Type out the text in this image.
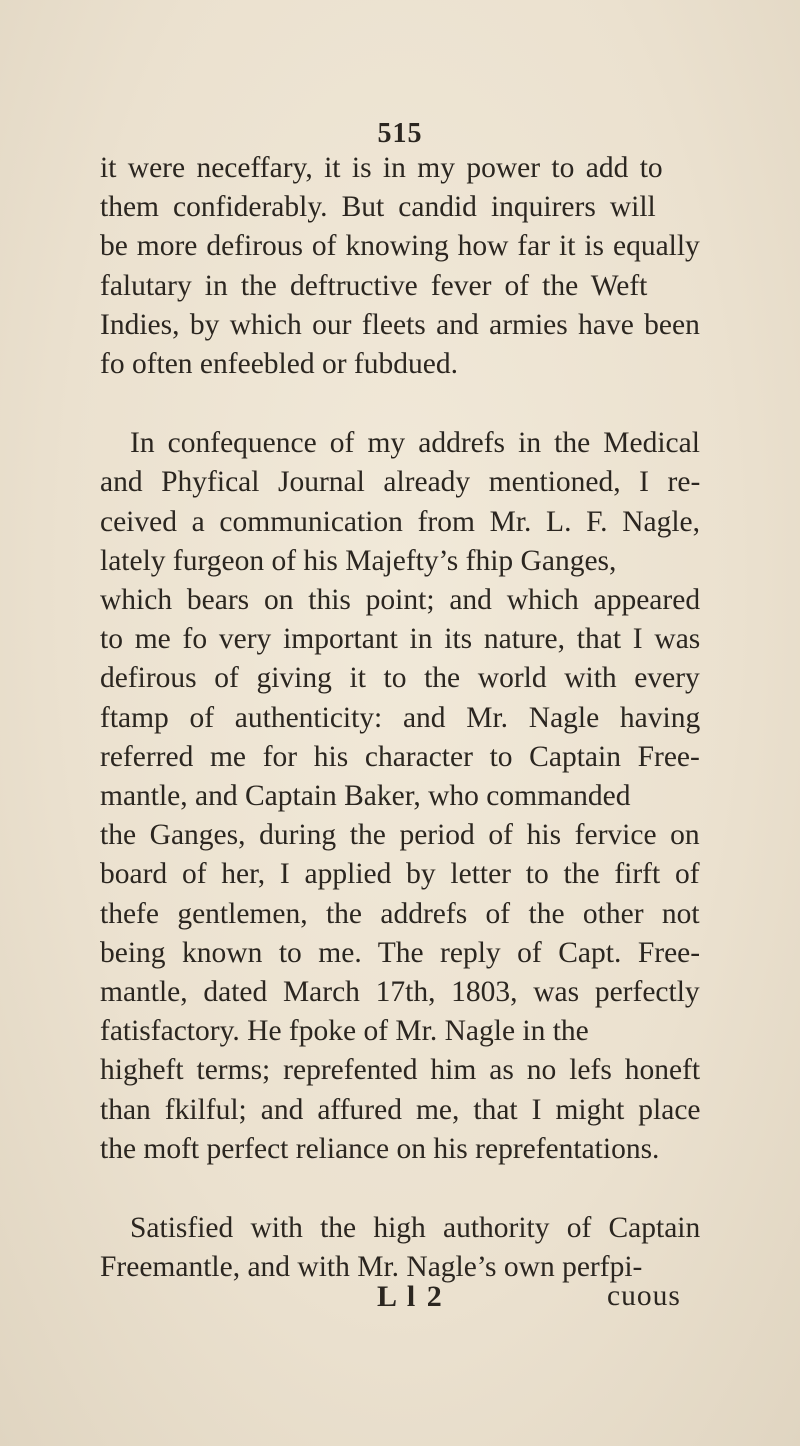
515
it were neceffary, it is in my power to add to
them confiderably. But candid inquirers will
be more defirous of knowing how far it is equally
falutary in the deftructive fever of the Weft
Indies, by which our fleets and armies have been
fo often enfeebled or fubdued.
In confequence of my addrefs in the Medical
and Phyfical Journal already mentioned, I re-
ceived a communication from Mr. L. F. Nagle,
lately furgeon of his Majefty’s fhip Ganges,
which bears on this point; and which appeared
to me fo very important in its nature, that I was
defirous of giving it to the world with every
ftamp of authenticity: and Mr. Nagle having
referred me for his character to Captain Free-
mantle, and Captain Baker, who commanded
the Ganges, during the period of his fervice on
board of her, I applied by letter to the firft of
thefe gentlemen, the addrefs of the other not
being known to me. The reply of Capt. Free-
mantle, dated March 17th, 1803, was perfectly
fatisfactory. He fpoke of Mr. Nagle in the
higheft terms; reprefented him as no lefs honeft
than fkilful; and affured me, that I might place
the moft perfect reliance on his reprefentations.
Satisfied with the high authority of Captain
Freemantle, and with Mr. Nagle’s own perfpi-
L l 2	cuous
